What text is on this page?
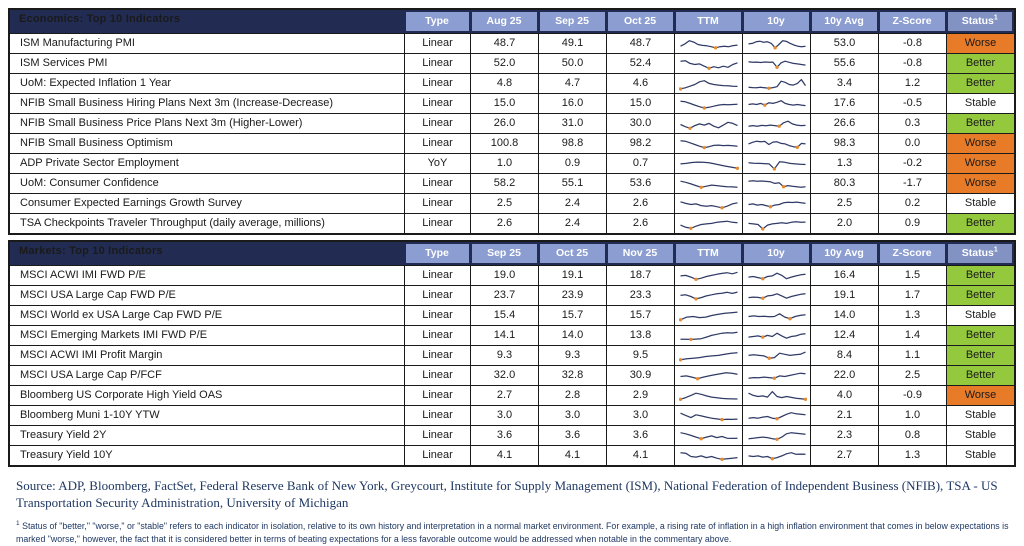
Economics: Top 10 Indicators	Type	Aug 25	Sep 25	Oct 25	TTM	10y	10y Avg	Z-Score	Status$^1$
ISM Manufacturing PMI	Linear	48.7	49.1	48.7	53.0	-0.8	Worse
ISM Services PMI	Linear	52.0	50.0	52.4	55.6	-0.8	Better
UoM: Expected Inflation 1 Year	Linear	4.8	4.7	4.6	3.4	1.2	Better
NFIB Small Business Hiring Plans Next 3m (Increase-Decrease)	Linear	15.0	16.0	15.0	17.6	-0.5	Stable
NFIB Small Business Price Plans Next 3m (Higher-Lower)	Linear	26.0	31.0	30.0	26.6	0.3	Better
NFIB Small Business Optimism	Linear	100.8	98.8	98.2	98.3	0.0	Worse
ADP Private Sector Employment	YoY	1.0	0.9	0.7	1.3	-0.2	Worse
UoM: Consumer Confidence	Linear	58.2	55.1	53.6	80.3	-1.7	Worse
Consumer Expected Earnings Growth Survey	Linear	2.5	2.4	2.6	2.5	0.2	Stable
TSA Checkpoints Traveler Throughput (daily average, millions)	Linear	2.6	2.4	2.6	2.0	0.9	Better
Markets: Top 10 Indicators	Type	Sep 25	Oct 25	Nov 25	TTM	10y	10y Avg	Z-Score	Status$^1$
MSCI ACWI IMI FWD P/E	Linear	19.0	19.1	18.7	16.4	1.5	Better
MSCI USA Large Cap FWD P/E	Linear	23.7	23.9	23.3	19.1	1.7	Better
MSCI World ex USA Large Cap FWD P/E	Linear	15.4	15.7	15.7	14.0	1.3	Stable
MSCI Emerging Markets IMI FWD P/E	Linear	14.1	14.0	13.8	12.4	1.4	Better
MSCI ACWI IMI Profit Margin	Linear	9.3	9.3	9.5	8.4	1.1	Better
MSCI USA Large Cap P/FCF	Linear	32.0	32.8	30.9	22.0	2.5	Better
Bloomberg US Corporate High Yield OAS	Linear	2.7	2.8	2.9	4.0	-0.9	Worse
Bloomberg Muni 1-10Y YTW	Linear	3.0	3.0	3.0	2.1	1.0	Stable
Treasury Yield 2Y	Linear	3.6	3.6	3.6	2.3	0.8	Stable
Treasury Yield 10Y	Linear	4.1	4.1	4.1	2.7	1.3	Stable
Source: ADP, Bloomberg, FactSet, Federal Reserve Bank of New York, Greycourt, Institute for Supply Management (ISM), National Federation of Independent Business (NFIB), TSA - US Transportation Security Administration, University of Michigan
$^1$ Status of "better," "worse," or "stable" refers to each indicator in isolation, relative to its own history and interpretation in a normal market environment. For example, a rising rate of inflation in a high inflation environment that comes in below expectations is marked "worse," however, the fact that it is considered better in terms of beating expectations for a less favorable outcome would be addressed when notable in the commentary above.
